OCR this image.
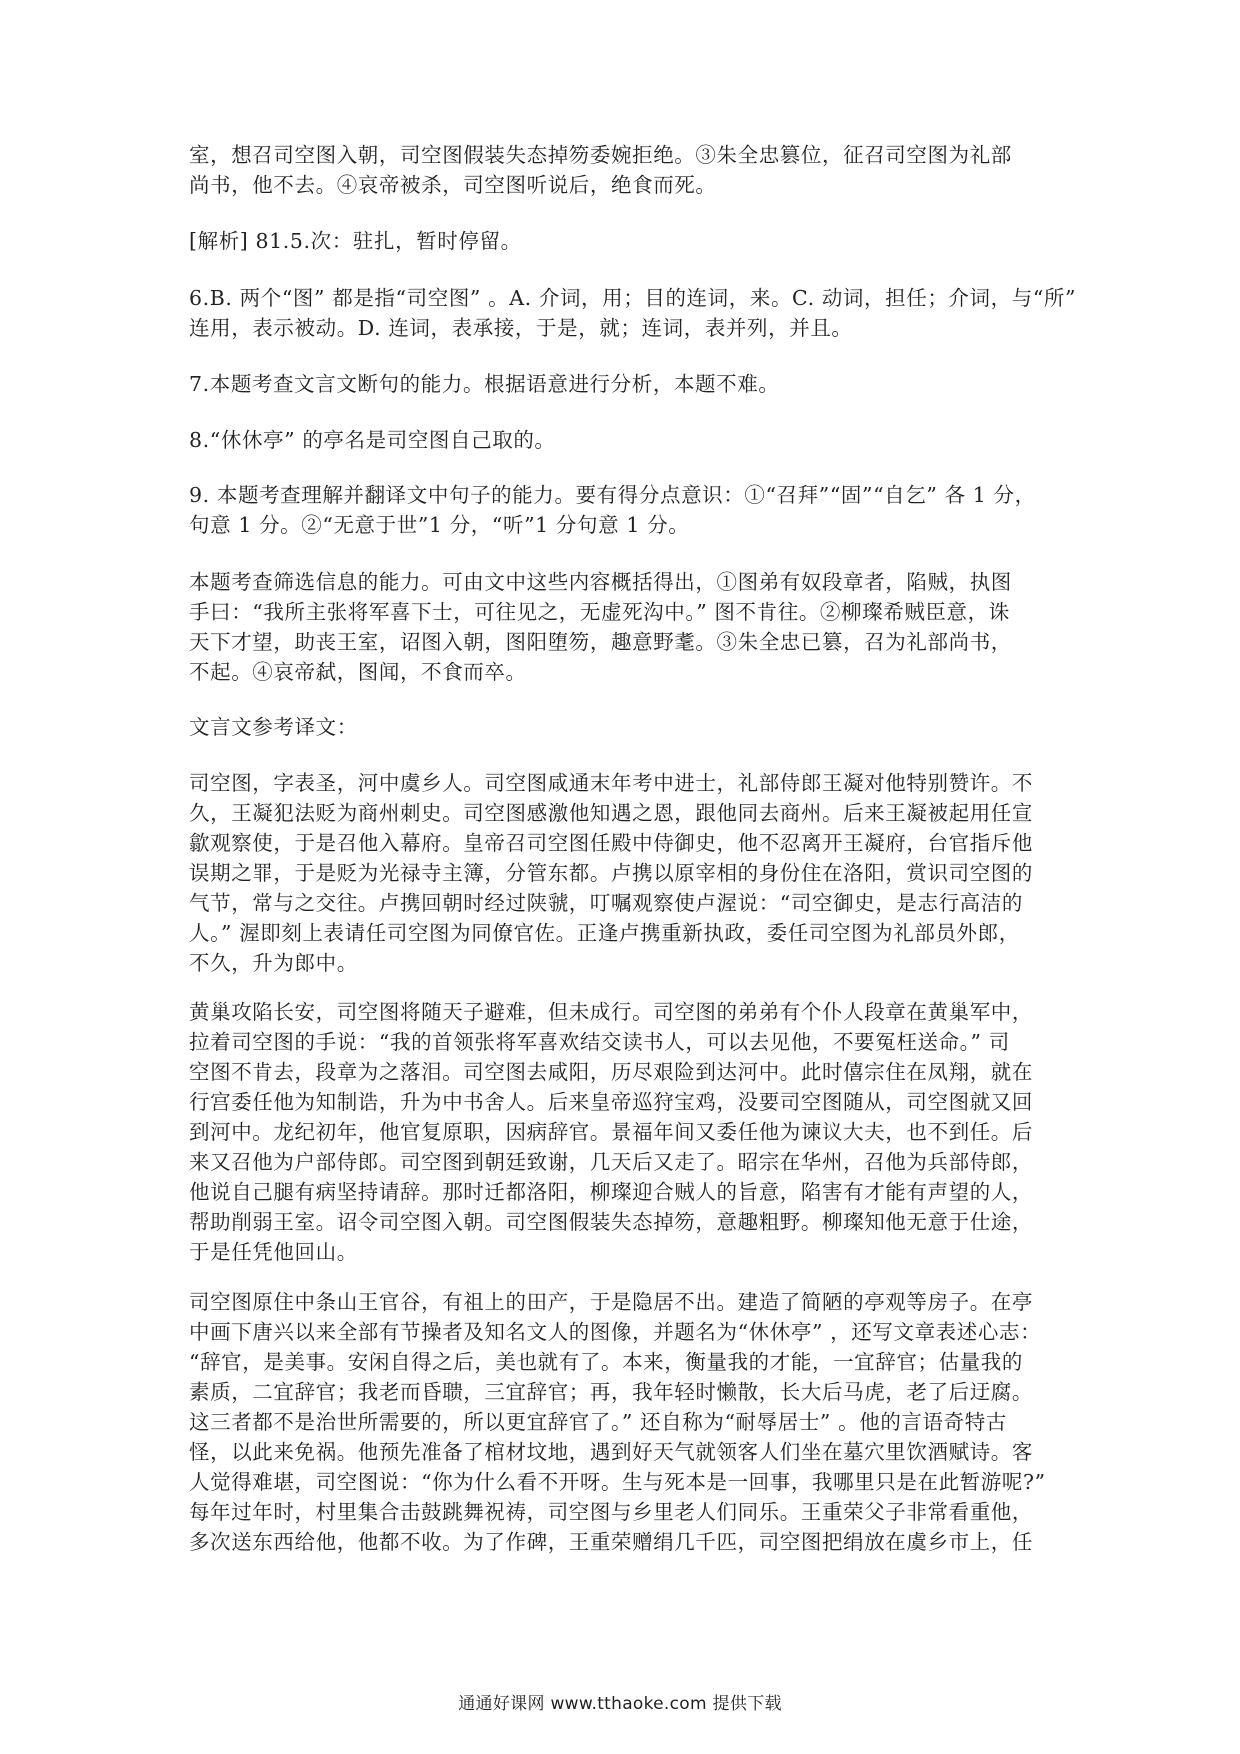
室，想召司空图入朝，司空图假装失态掉笏委婉拒绝。③朱全忠篡位，征召司空图为礼部
尚书，他不去。④哀帝被杀，司空图听说后，绝食而死。

[解析] 81.5.次：驻扎，暂时停留。

6.B. 两个“图” 都是指“司空图” 。A. 介词，用；目的连词，来。C. 动词，担任；介词，与“所”
连用，表示被动。D. 连词，表承接，于是，就；连词，表并列，并且。

7.本题考查文言文断句的能力。根据语意进行分析，本题不难。

8.“休休亭” 的亭名是司空图自己取的。

9. 本题考查理解并翻译文中句子的能力。要有得分点意识：①“召拜”“固”“自乞” 各 1 分，
句意 1 分。②“无意于世”1 分，“听”1 分句意 1 分。

本题考查筛选信息的能力。可由文中这些内容概括得出，①图弟有奴段章者，陷贼，执图
手曰：“我所主张将军喜下士，可往见之，无虚死沟中。” 图不肯往。②柳璨希贼臣意，诛
天下才望，助丧王室，诏图入朝，图阳堕笏，趣意野耄。③朱全忠已篡，召为礼部尚书，
不起。④哀帝弑，图闻，不食而卒。

文言文参考译文：

司空图，字表圣，河中虞乡人。司空图咸通末年考中进士，礼部侍郎王凝对他特别赞许。不
久，王凝犯法贬为商州刺史。司空图感激他知遇之恩，跟他同去商州。后来王凝被起用任宣
歙观察使，于是召他入幕府。皇帝召司空图任殿中侍御史，他不忍离开王凝府，台官指斥他
误期之罪，于是贬为光禄寺主簿，分管东都。卢携以原宰相的身份住在洛阳，赏识司空图的
气节，常与之交往。卢携回朝时经过陕虢，叮嘱观察使卢渥说：“司空御史，是志行高洁的
人。” 渥即刻上表请任司空图为同僚官佐。正逢卢携重新执政，委任司空图为礼部员外郎，
不久，升为郎中。

黄巢攻陷长安，司空图将随天子避难，但未成行。司空图的弟弟有个仆人段章在黄巢军中，
拉着司空图的手说：“我的首领张将军喜欢结交读书人，可以去见他，不要冤枉送命。” 司
空图不肯去，段章为之落泪。司空图去咸阳，历尽艰险到达河中。此时僖宗住在凤翔，就在
行宫委任他为知制诰，升为中书舍人。后来皇帝巡狩宝鸡，没要司空图随从，司空图就又回
到河中。龙纪初年，他官复原职，因病辞官。景福年间又委任他为谏议大夫，也不到任。后
来又召他为户部侍郎。司空图到朝廷致谢，几天后又走了。昭宗在华州，召他为兵部侍郎，
他说自己腿有病坚持请辞。那时迁都洛阳，柳璨迎合贼人的旨意，陷害有才能有声望的人，
帮助削弱王室。诏令司空图入朝。司空图假装失态掉笏，意趣粗野。柳璨知他无意于仕途，
于是任凭他回山。

司空图原住中条山王官谷，有祖上的田产，于是隐居不出。建造了简陋的亭观等房子。在亭
中画下唐兴以来全部有节操者及知名文人的图像，并题名为“休休亭” ，还写文章表述心志：
“辞官，是美事。安闲自得之后，美也就有了。本来，衡量我的才能，一宜辞官；估量我的
素质，二宜辞官；我老而昏聩，三宜辞官；再，我年轻时懒散，长大后马虎，老了后迂腐。
这三者都不是治世所需要的，所以更宜辞官了。” 还自称为“耐辱居士” 。他的言语奇特古
怪，以此来免祸。他预先准备了棺材坟地，遇到好天气就领客人们坐在墓穴里饮酒赋诗。客
人觉得难堪，司空图说：“你为什么看不开呀。生与死本是一回事，我哪里只是在此暂游呢?”
每年过年时，村里集合击鼓跳舞祝祷，司空图与乡里老人们同乐。王重荣父子非常看重他，
多次送东西给他，他都不收。为了作碑，王重荣赠绢几千匹，司空图把绢放在虞乡市上，任

通通好课网 www.tthaoke.com 提供下载
